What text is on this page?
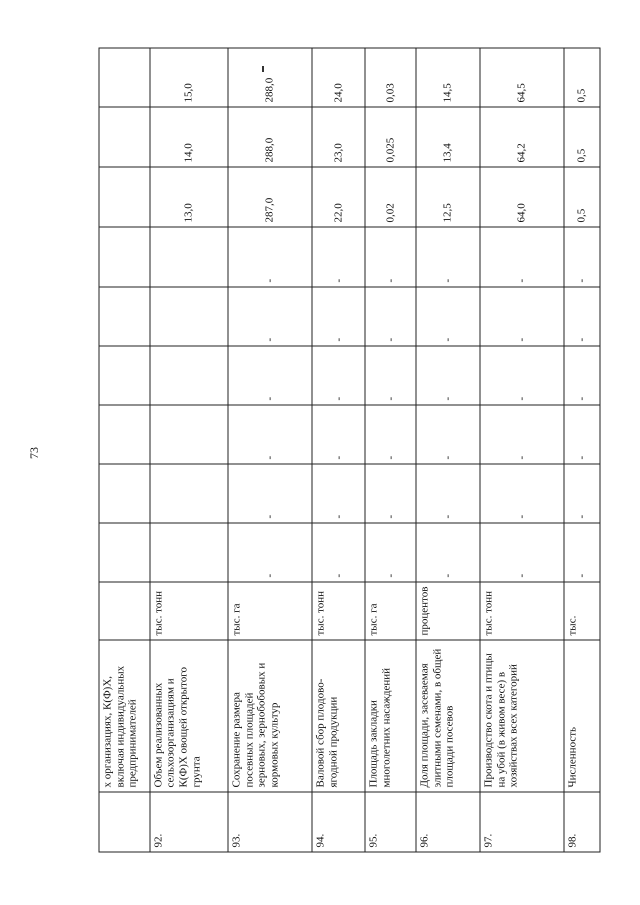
73
	х организациях, К(Ф)Х, включая индивидуальных предпринимателей											
92.	Объем реализованных сельхозорганизациям и К(Ф)Х овощей открытого грунта	тыс. тонн							13,0	14,0	15,0	
93.	Сохранение размера посевных площадей зерновых, зернобобовых и кормовых культур	тыс. га	-	-	-	-	-	-	287,0	288,0	288,0	
94.	Валовой сбор плодово-ягодной продукции	тыс. тонн	-	-	-	-	-	-	22,0	23,0	24,0	
95.	Площадь закладки многолетних насаждений	тыс. га	-	-	-	-	-	-	0,02	0,025	0,03	
96.	Доля площади, засеваемая элитными семенами, в общей площади посевов	процентов	-	-	-	-	-	-	12,5	13,4	14,5	
97.	Производство скота и птицы на убой (в живом весе) в хозяйствах всех категорий	тыс. тонн	-	-	-	-	-	-	64,0	64,2	64,5	
98.	Численность	тыс.	-	-	-	-	-	-	0,5	0,5	0,5	
